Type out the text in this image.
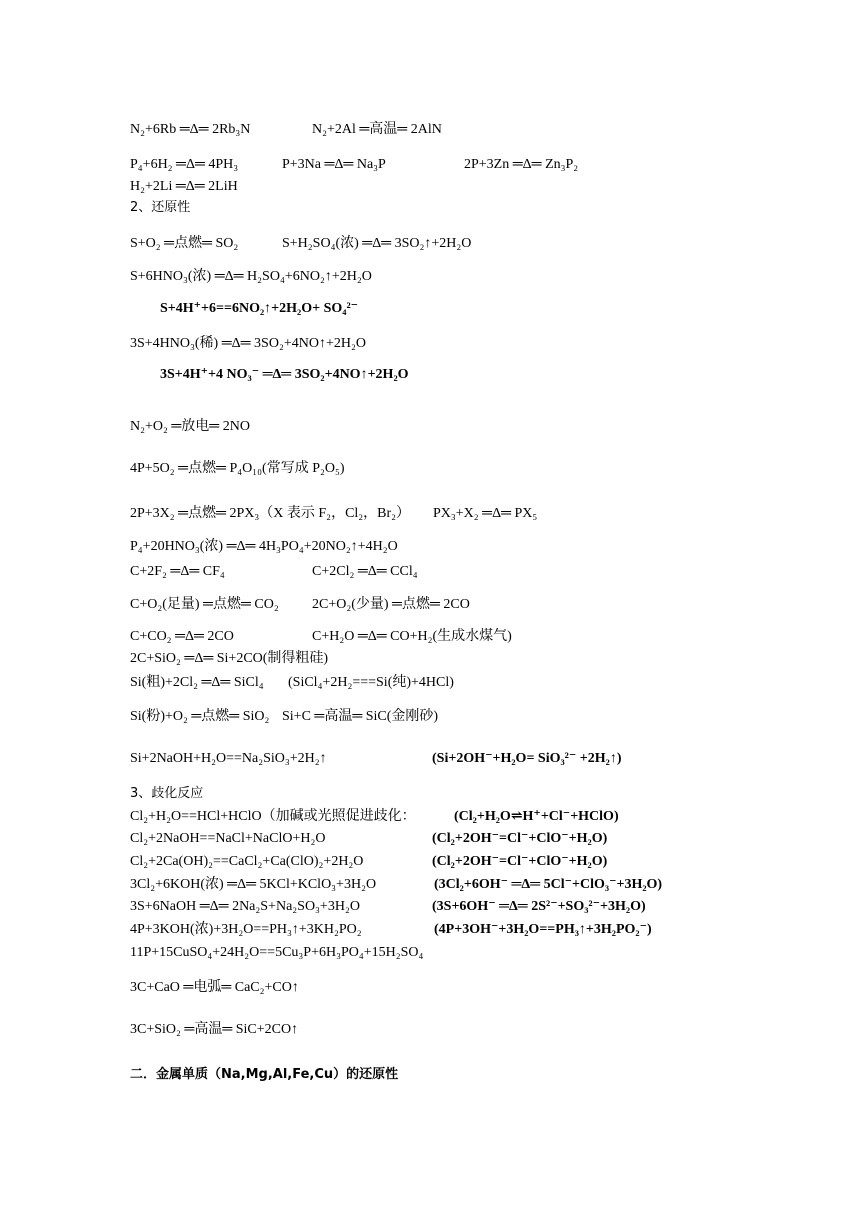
N₂+6Rb ═Δ═ 2Rb₃N	N₂+2Al ═高温═ 2AlN
P₄+6H₂ ═Δ═ 4PH₃	P+3Na ═Δ═ Na₃P	2P+3Zn ═Δ═ Zn₃P₂
H₂+2Li ═Δ═ 2LiH
2、还原性
S+O₂ ═点燃═ SO₂	S+H₂SO₄(浓) ═Δ═ 3SO₂↑+2H₂O
S+6HNO₃(浓) ═Δ═ H₂SO₄+6NO₂↑+2H₂O
S+4H⁺+6==6NO₂↑+2H₂O+ SO₄²⁻
3S+4HNO₃(稀) ═Δ═ 3SO₂+4NO↑+2H₂O
3S+4H⁺+4 NO₃⁻ ═Δ═ 3SO₂+4NO↑+2H₂O
N₂+O₂ ═放电═ 2NO
4P+5O₂ ═点燃═ P₄O₁₀(常写成 P₂O₅)
2P+3X₂ ═点燃═ 2PX₃（X 表示 F₂，Cl₂，Br₂） PX₃+X₂ ═Δ═ PX₅
P₄+20HNO₃(浓) ═Δ═ 4H₃PO₄+20NO₂↑+4H₂O
C+2F₂ ═Δ═ CF₄	C+2Cl₂ ═Δ═ CCl₄
C+O₂(足量) ═点燃═ CO₂ 2C+O₂(少量) ═点燃═ 2CO
C+CO₂ ═Δ═ 2CO	C+H₂O ═Δ═ CO+H₂(生成水煤气)
2C+SiO₂ ═Δ═ Si+2CO(制得粗硅)
Si(粗)+2Cl₂ ═Δ═ SiCl₄ (SiCl₄+2H₂===Si(纯)+4HCl)
Si(粉)+O₂ ═点燃═ SiO₂ Si+C ═高温═ SiC(金刚砂)
Si+2NaOH+H₂O==Na₂SiO₃+2H₂↑	(Si+2OH⁻+H₂O= SiO₃²⁻ +2H₂↑)
3、歧化反应
Cl₂+H₂O==HCl+HClO（加碱或光照促进歧化：	(Cl₂+H₂O⇌H⁺+Cl⁻+HClO)
Cl₂+2NaOH==NaCl+NaClO+H₂O	(Cl₂+2OH⁻=Cl⁻+ClO⁻+H₂O)
Cl₂+2Ca(OH)₂==CaCl₂+Ca(ClO)₂+2H₂O	(Cl₂+2OH⁻=Cl⁻+ClO⁻+H₂O)
3Cl₂+6KOH(浓) ═Δ═ 5KCl+KClO₃+3H₂O	(3Cl₂+6OH⁻ ═Δ═ 5Cl⁻+ClO₃⁻+3H₂O)
3S+6NaOH ═Δ═ 2Na₂S+Na₂SO₃+3H₂O	(3S+6OH⁻ ═Δ═ 2S²⁻+SO₃²⁻+3H₂O)
4P+3KOH(浓)+3H₂O==PH₃↑+3KH₂PO₂	(4P+3OH⁻+3H₂O==PH₃↑+3H₂PO₂⁻)
11P+15CuSO₄+24H₂O==5Cu₃P+6H₃PO₄+15H₂SO₄
3C+CaO ═电弧═ CaC₂+CO↑
3C+SiO₂ ═高温═ SiC+2CO↑
二．金属单质（Na,Mg,Al,Fe,Cu）的还原性
